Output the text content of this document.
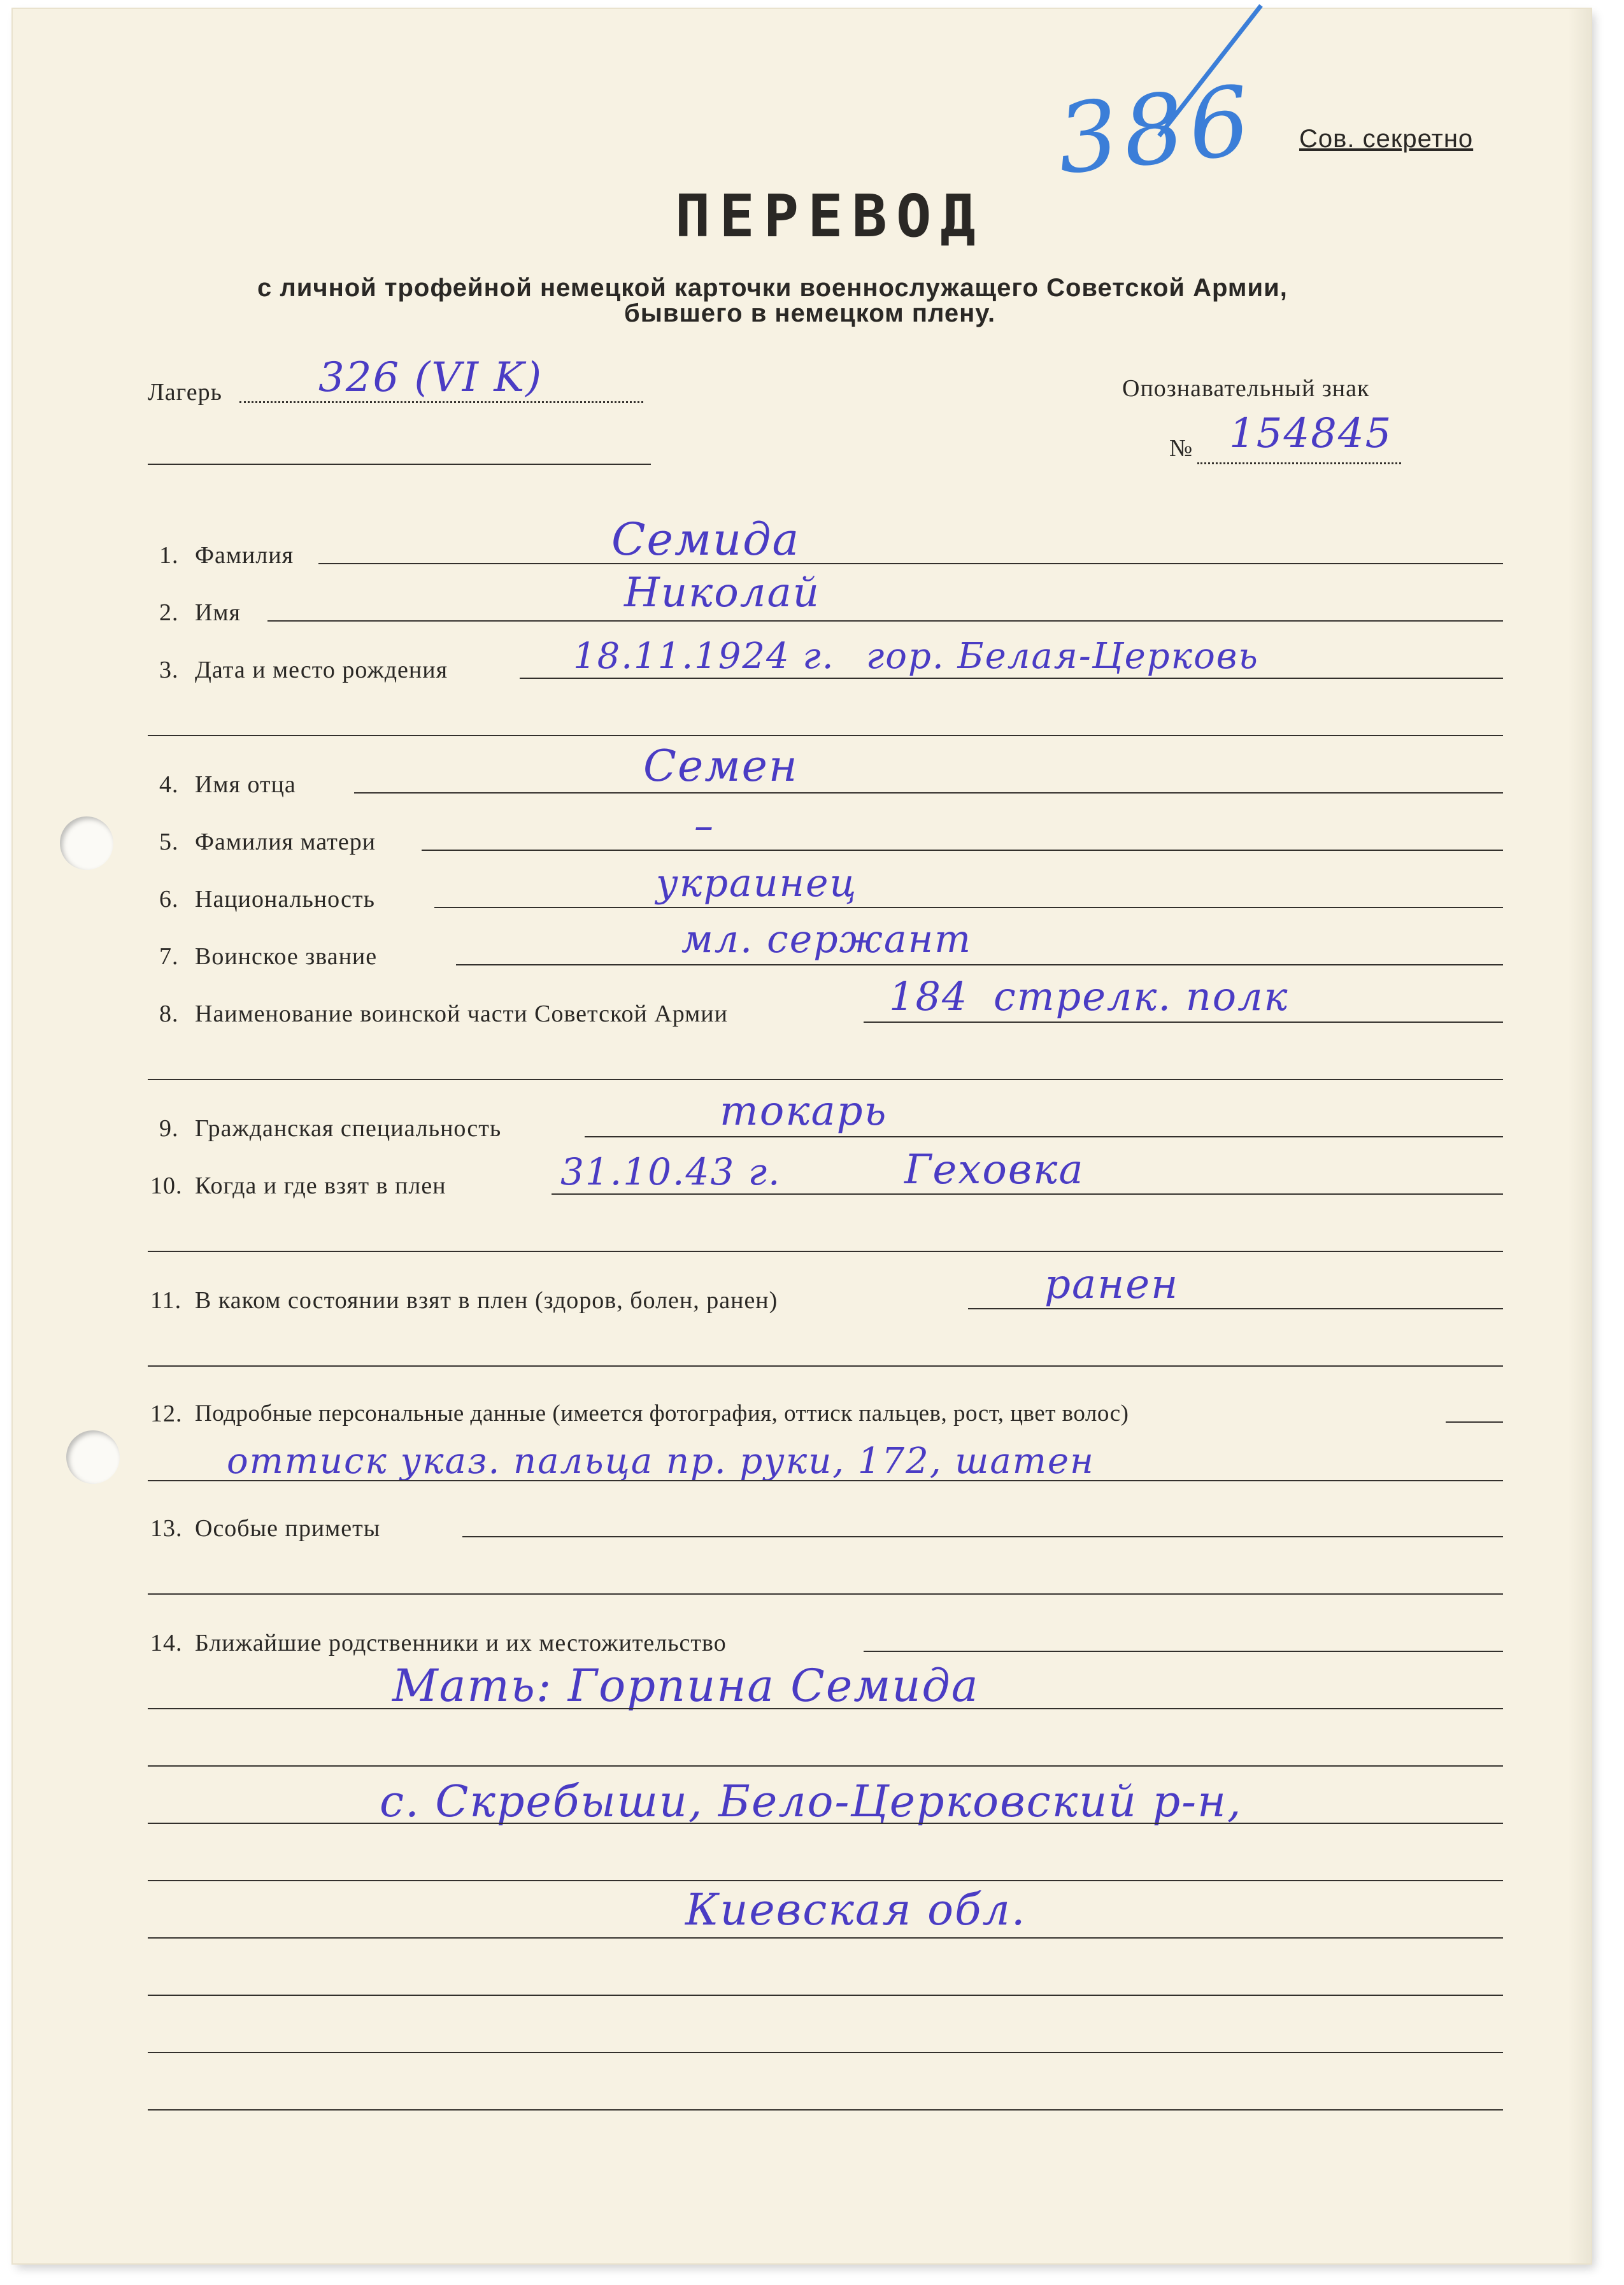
Сов. секретно
386
ПЕРЕВОД
с личной трофейной немецкой карточки военнослужащего Советской Армии,
бывшего в немецком плену.
Лагерь 326 (VI K)	Опознавательный знак
№ 154845
1. Фамилия	Семида
2. Имя	Николай
3. Дата и место рождения	18.11.1924 г. гор. Белая-Церковь
4. Имя отца	Семен
5. Фамилия матери	–
6. Национальность	украинец
7. Воинское звание	мл. сержант
8. Наименование воинской части Советской Армии	184 стрелк. полк
9. Гражданская специальность	токарь
10. Когда и где взят в плен	31.10.43 г.	Геховка
11. В каком состоянии взят в плен (здоров, болен, ранен)	ранен
12. Подробные персональные данные (имеется фотография, оттиск пальцев, рост, цвет волос)
оттиск указ. пальца пр. руки, 172, шатен
13. Особые приметы
14. Ближайшие родственники и их местожительство
Мать: Горпина Семида
с. Скребыши, Бело-Церковский р-н,
Киевская обл.
